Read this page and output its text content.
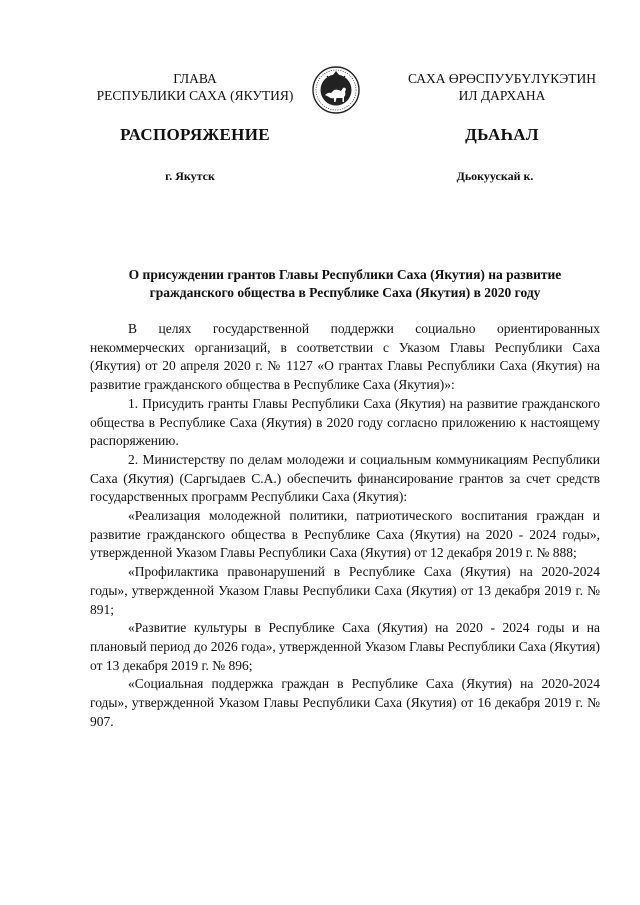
ГЛАВА
РЕСПУБЛИКИ САХА (ЯКУТИЯ)
САХА ӨРӨСПУУБҮЛҮКЭТИН
ИЛ ДАРХАНА
РАСПОРЯЖЕНИЕ	ДЬАҺАЛ
г. Якутск	Дьокуускай к.
О присуждении грантов Главы Республики Саха (Якутия) на развитие
гражданского общества в Республике Саха (Якутия) в 2020 году

В целях государственной поддержки социально ориентированных некоммерческих организаций, в соответствии с Указом Главы Республики Саха (Якутия) от 20 апреля 2020 г. № 1127 «О грантах Главы Республики Саха (Якутия) на развитие гражданского общества в Республике Саха (Якутия)»:

1. Присудить гранты Главы Республики Саха (Якутия) на развитие гражданского общества в Республике Саха (Якутия) в 2020 году согласно приложению к настоящему распоряжению.

2. Министерству по делам молодежи и социальным коммуникациям Республики Саха (Якутия) (Саргыдаев С.А.) обеспечить финансирование грантов за счет средств государственных программ Республики Саха (Якутия):

«Реализация молодежной политики, патриотического воспитания граждан и развитие гражданского общества в Республике Саха (Якутия) на 2020 - 2024 годы», утвержденной Указом Главы Республики Саха (Якутия) от 12 декабря 2019 г. № 888;

«Профилактика правонарушений в Республике Саха (Якутия) на 2020-2024 годы», утвержденной Указом Главы Республики Саха (Якутия) от 13 декабря 2019 г. № 891;

«Развитие культуры в Республике Саха (Якутия) на 2020 - 2024 годы и на плановый период до 2026 года», утвержденной Указом Главы Республики Саха (Якутия) от 13 декабря 2019 г. № 896;

«Социальная поддержка граждан в Республике Саха (Якутия) на 2020-2024 годы», утвержденной Указом Главы Республики Саха (Якутия) от 16 декабря 2019 г. № 907.
